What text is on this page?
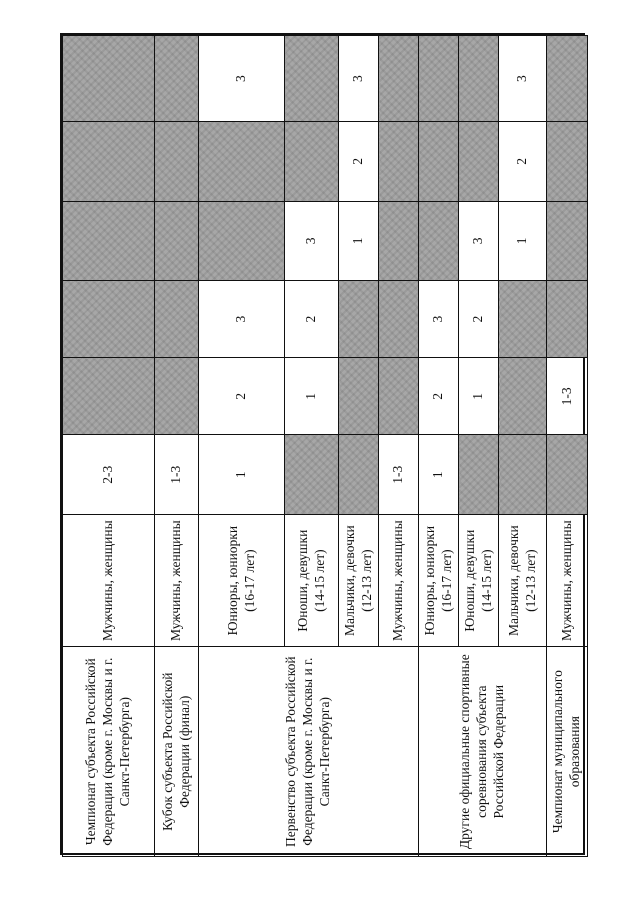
Чемпионат субъекта Российской Федерации (кроме г. Москвы и г. Санкт-Петербурга)	Мужчины, женщины	2-3					
Кубок субъекта Российской Федерации (финал)	Мужчины, женщины	1-3					
Первенство субъекта Российской Федерации (кроме г. Москвы и г. Санкт-Петербурга)	Юниоры, юниорки (16-17 лет)	1	2	3			3
	Юноши, девушки (14-15 лет)		1	2	3		
	Мальчики, девочки (12-13 лет)				1	2	3
	Мужчины, женщины	1-3					
Другие официальные спортивные соревнования субъекта Российской Федерации	Юниоры, юниорки (16-17 лет)	1	2	3			
	Юноши, девушки (14-15 лет)		1	2	3		
	Мальчики, девочки (12-13 лет)				1	2	3
Чемпионат муниципального образования	Мужчины, женщины		1-3				
